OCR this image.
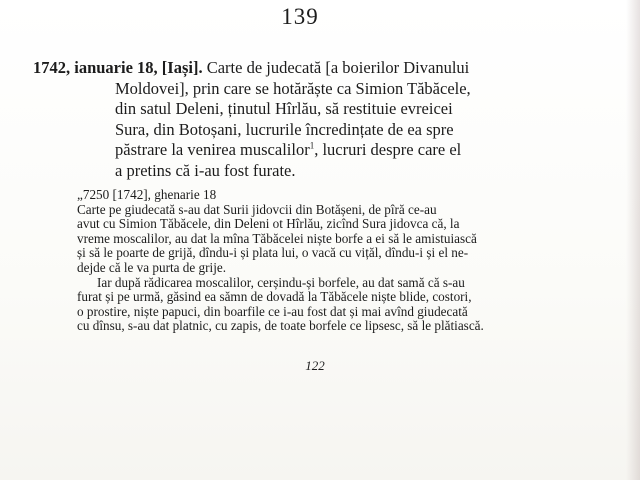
139
1742, ianuarie 18, [Iași]. Carte de judecată [a boierilor Divanului
Moldovei], prin care se hotărăște ca Simion Tăbăcele,
din satul Deleni, ținutul Hîrlău, să restituie evreicei
Sura, din Botoșani, lucrurile încredințate de ea spre
păstrare la venirea muscalilor$^1$, lucruri despre care el
a pretins că i-au fost furate.
„7250 [1742], ghenarie 18
Carte pe giudecată s-au dat Surii jidovcii din Botășeni, de pîră ce-au
avut cu Simion Tăbăcele, din Deleni ot Hîrlău, zicînd Sura jidovca că, la
vreme moscalilor, au dat la mîna Tăbăcelei niște borfe a ei să le amistuiască
și să le poarte de grijă, dîndu-i și plata lui, o vacă cu vițăl, dîndu-i și el ne-
dejde că le va purta de grije.
Iar după rădicarea moscalilor, cerșindu-și borfele, au dat samă că s-au
furat și pe urmă, găsind ea sămn de dovadă la Tăbăcele niște blide, costori,
o prostire, niște papuci, din boarfile ce i-au fost dat și mai avînd giudecată
cu dînsu, s-au dat platnic, cu zapis, de toate borfele ce lipsesc, să le plătiască.
122
